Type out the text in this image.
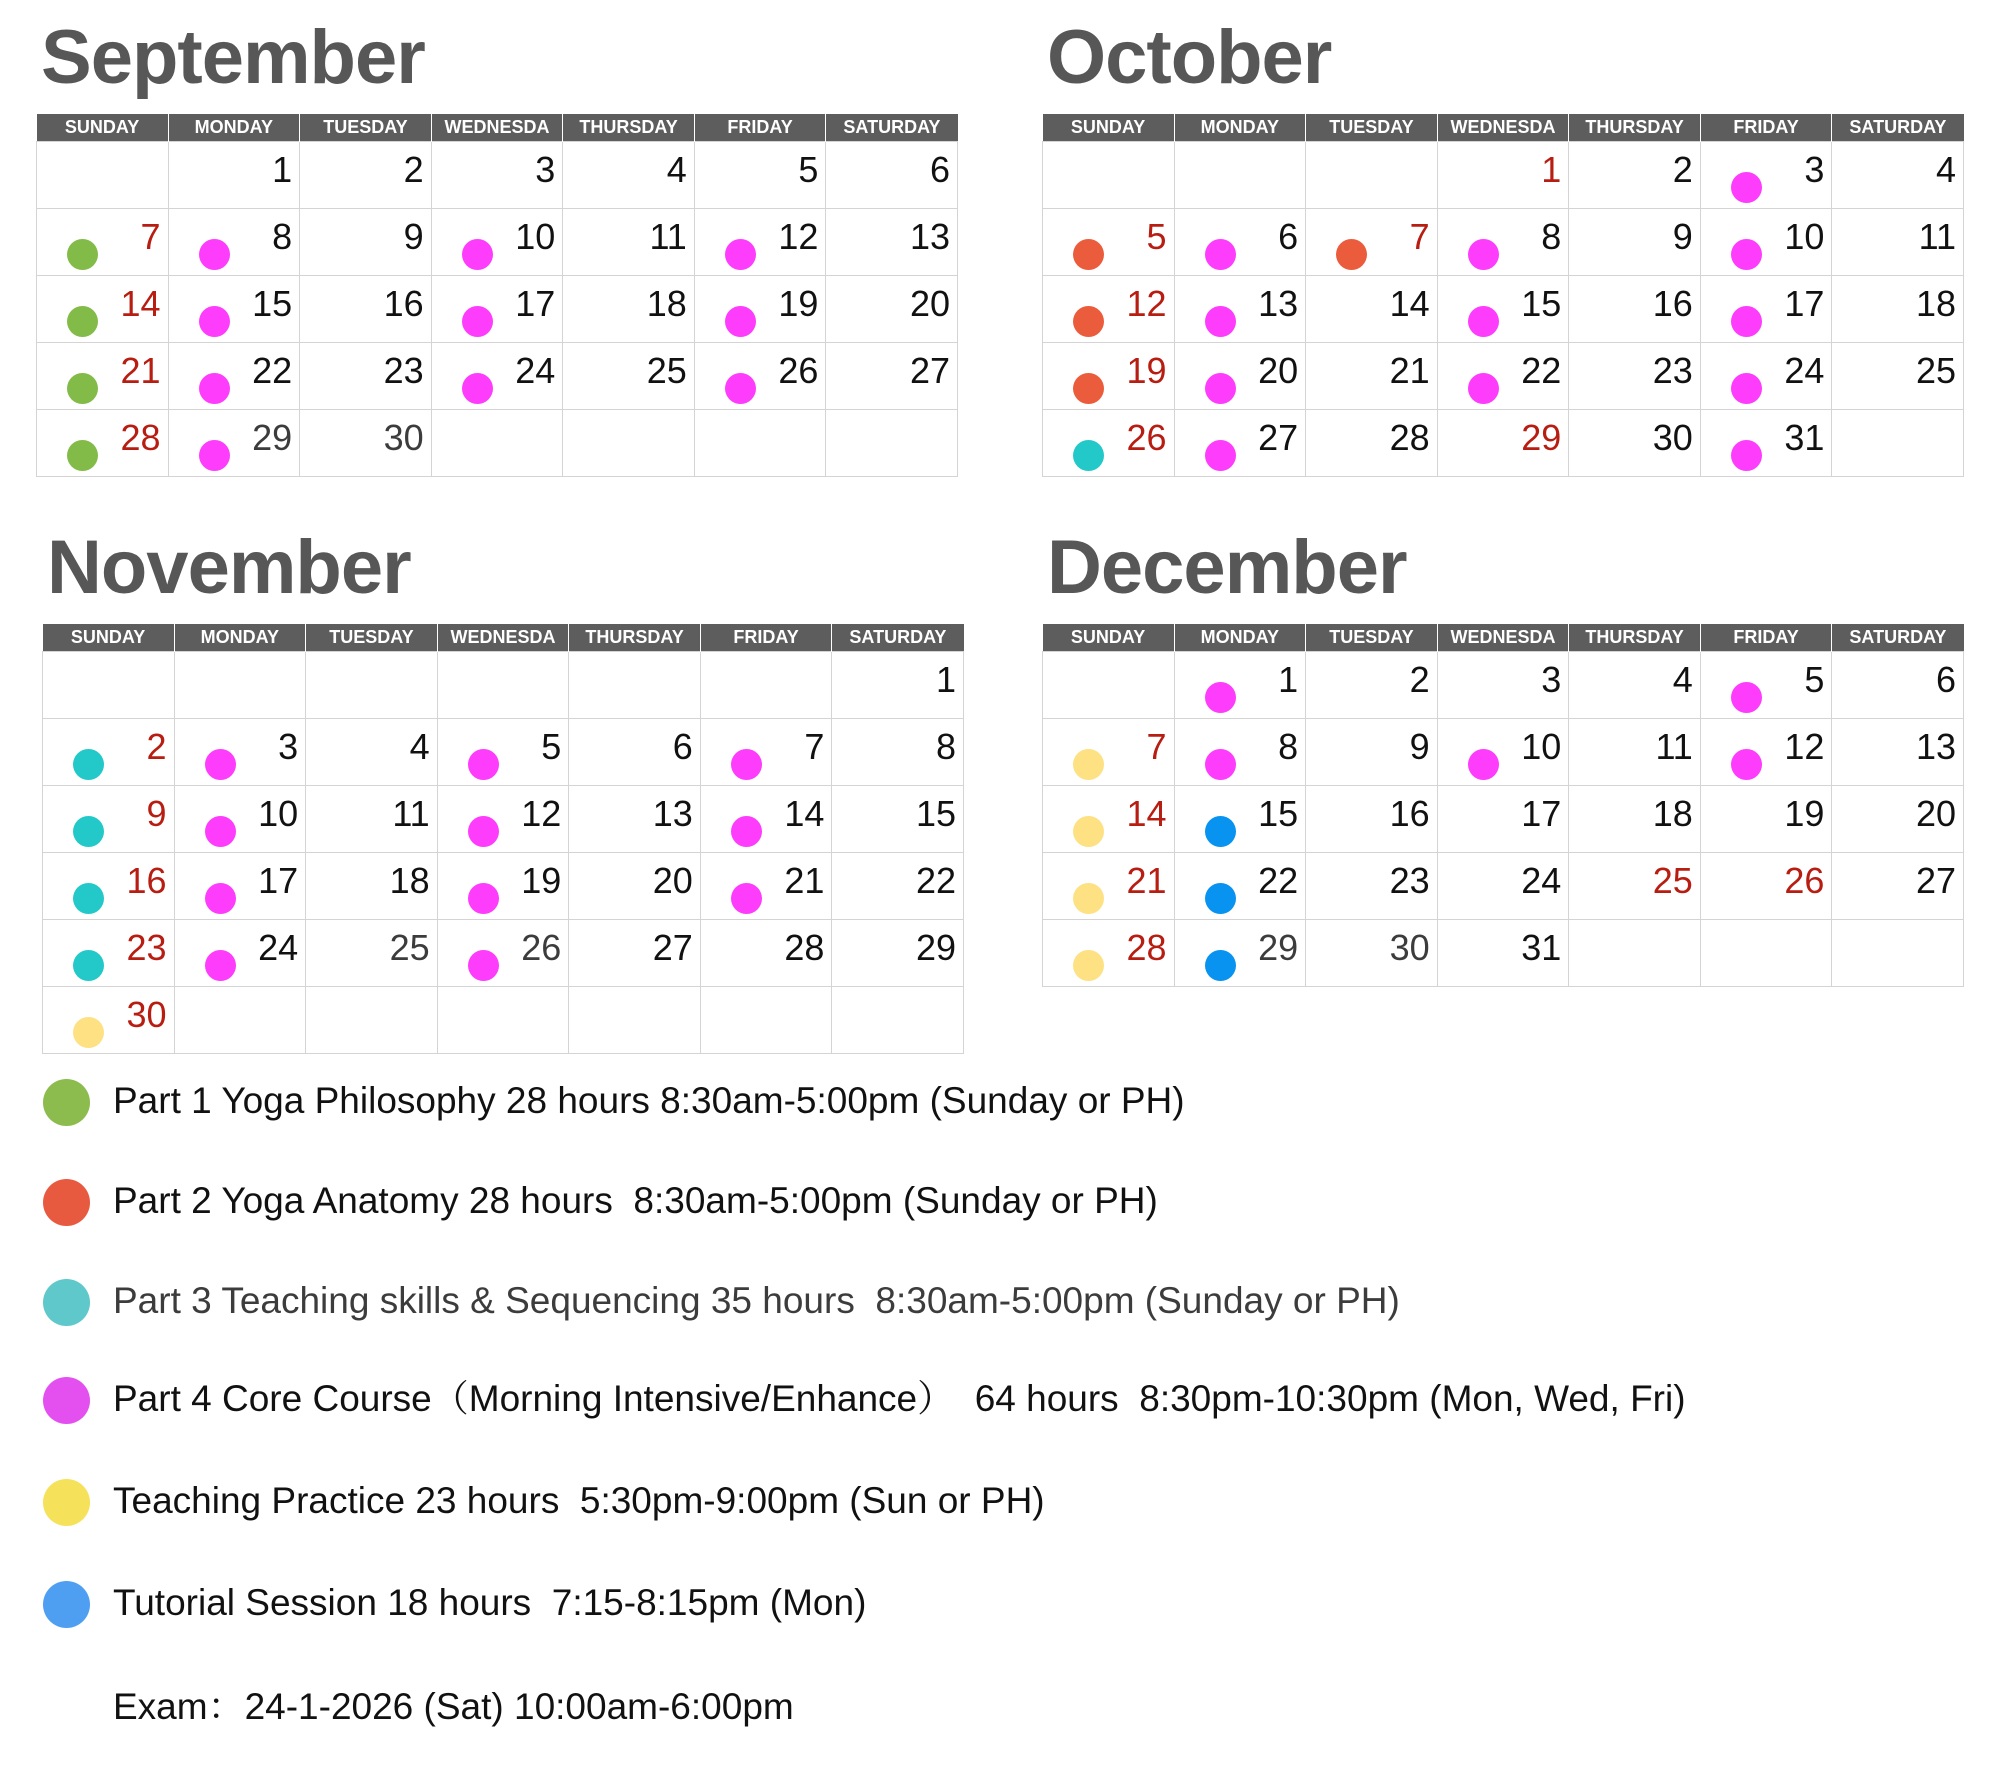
September
SUNDAY	MONDAY	TUESDAY	WEDNESDA	THURSDAY	FRIDAY	SATURDAY

	1	2	3	4	5	6

7	8	9	10	11	12	13

14	15	16	17	18	19	20

21	22	23	24	25	26	27

28	29	30				

October
SUNDAY	MONDAY	TUESDAY	WEDNESDA	THURSDAY	FRIDAY	SATURDAY

			1	2	3	4

5	6	7	8	9	10	11

12	13	14	15	16	17	18

19	20	21	22	23	24	25

26	27	28	29	30	31	

November
SUNDAY	MONDAY	TUESDAY	WEDNESDA	THURSDAY	FRIDAY	SATURDAY

						1

2	3	4	5	6	7	8

9	10	11	12	13	14	15

16	17	18	19	20	21	22

23	24	25	26	27	28	29

30						

December
SUNDAY	MONDAY	TUESDAY	WEDNESDA	THURSDAY	FRIDAY	SATURDAY

	1	2	3	4	5	6

7	8	9	10	11	12	13

14	15	16	17	18	19	20

21	22	23	24	25	26	27

28	29	30	31			

Part 1 Yoga Philosophy 28 hours 8:30am-5:00pm (Sunday or PH)
Part 2 Yoga Anatomy 28 hours  8:30am-5:00pm (Sunday or PH)
Part 3 Teaching skills & Sequencing 35 hours  8:30am-5:00pm (Sunday or PH)
Part 4 Core Course（Morning Intensive/Enhance）  64 hours  8:30pm-10:30pm (Mon, Wed, Fri)
Teaching Practice 23 hours  5:30pm-9:00pm (Sun or PH)
Tutorial Session 18 hours  7:15-8:15pm (Mon)
Exam：24-1-2026 (Sat) 10:00am-6:00pm
